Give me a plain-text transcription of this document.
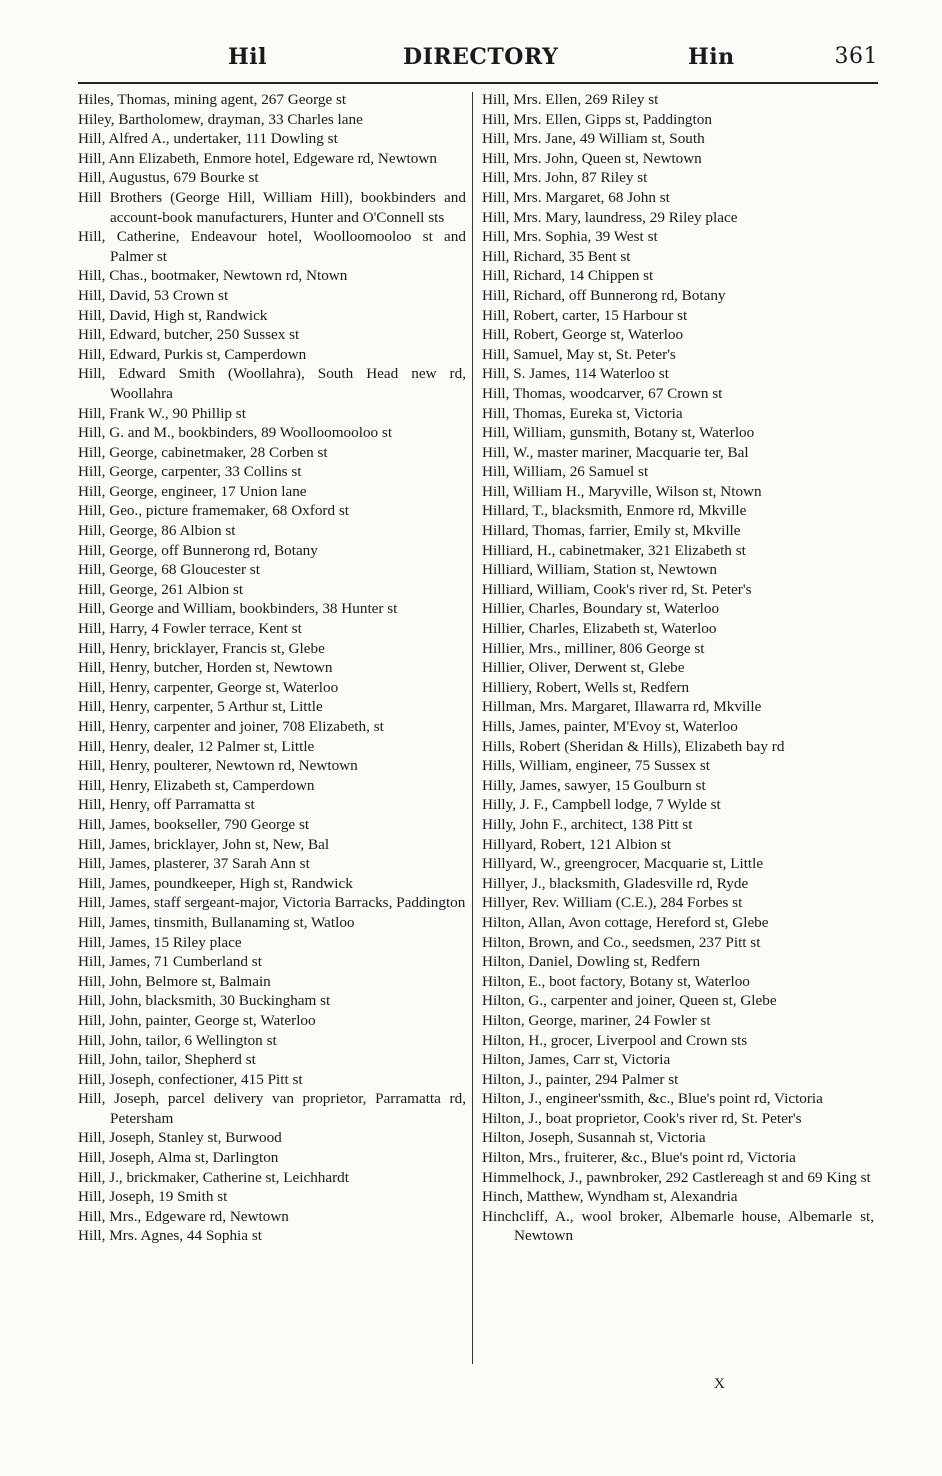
Hil	DIRECTORY	Hin	361
Hiles, Thomas, mining agent, 267 George st
Hiley, Bartholomew, drayman, 33 Charles lane
Hill, Alfred A., undertaker, 111 Dowling st
Hill, Ann Elizabeth, Enmore hotel, Edgeware rd, Newtown
Hill, Augustus, 679 Bourke st
Hill Brothers (George Hill, William Hill), bookbinders and account-book manufacturers, Hunter and O'Connell sts
Hill, Catherine, Endeavour hotel, Woolloomooloo st and Palmer st
Hill, Chas., bootmaker, Newtown rd, Ntown
Hill, David, 53 Crown st
Hill, David, High st, Randwick
Hill, Edward, butcher, 250 Sussex st
Hill, Edward, Purkis st, Camperdown
Hill, Edward Smith (Woollahra), South Head new rd, Woollahra
Hill, Frank W., 90 Phillip st
Hill, G. and M., bookbinders, 89 Woolloomooloo st
Hill, George, cabinetmaker, 28 Corben st
Hill, George, carpenter, 33 Collins st
Hill, George, engineer, 17 Union lane
Hill, Geo., picture framemaker, 68 Oxford st
Hill, George, 86 Albion st
Hill, George, off Bunnerong rd, Botany
Hill, George, 68 Gloucester st
Hill, George, 261 Albion st
Hill, George and William, bookbinders, 38 Hunter st
Hill, Harry, 4 Fowler terrace, Kent st
Hill, Henry, bricklayer, Francis st, Glebe
Hill, Henry, butcher, Horden st, Newtown
Hill, Henry, carpenter, George st, Waterloo
Hill, Henry, carpenter, 5 Arthur st, Little
Hill, Henry, carpenter and joiner, 708 Elizabeth, st
Hill, Henry, dealer, 12 Palmer st, Little
Hill, Henry, poulterer, Newtown rd, Newtown
Hill, Henry, Elizabeth st, Camperdown
Hill, Henry, off Parramatta st
Hill, James, bookseller, 790 George st
Hill, James, bricklayer, John st, New, Bal
Hill, James, plasterer, 37 Sarah Ann st
Hill, James, poundkeeper, High st, Randwick
Hill, James, staff sergeant-major, Victoria Barracks, Paddington
Hill, James, tinsmith, Bullanaming st, Watloo
Hill, James, 15 Riley place
Hill, James, 71 Cumberland st
Hill, John, Belmore st, Balmain
Hill, John, blacksmith, 30 Buckingham st
Hill, John, painter, George st, Waterloo
Hill, John, tailor, 6 Wellington st
Hill, John, tailor, Shepherd st
Hill, Joseph, confectioner, 415 Pitt st
Hill, Joseph, parcel delivery van proprietor, Parramatta rd, Petersham
Hill, Joseph, Stanley st, Burwood
Hill, Joseph, Alma st, Darlington
Hill, J., brickmaker, Catherine st, Leichhardt
Hill, Joseph, 19 Smith st
Hill, Mrs., Edgeware rd, Newtown
Hill, Mrs. Agnes, 44 Sophia st
Hill, Mrs. Ellen, 269 Riley st
Hill, Mrs. Ellen, Gipps st, Paddington
Hill, Mrs. Jane, 49 William st, South
Hill, Mrs. John, Queen st, Newtown
Hill, Mrs. John, 87 Riley st
Hill, Mrs. Margaret, 68 John st
Hill, Mrs. Mary, laundress, 29 Riley place
Hill, Mrs. Sophia, 39 West st
Hill, Richard, 35 Bent st
Hill, Richard, 14 Chippen st
Hill, Richard, off Bunnerong rd, Botany
Hill, Robert, carter, 15 Harbour st
Hill, Robert, George st, Waterloo
Hill, Samuel, May st, St. Peter's
Hill, S. James, 114 Waterloo st
Hill, Thomas, woodcarver, 67 Crown st
Hill, Thomas, Eureka st, Victoria
Hill, William, gunsmith, Botany st, Waterloo
Hill, W., master mariner, Macquarie ter, Bal
Hill, William, 26 Samuel st
Hill, William H., Maryville, Wilson st, Ntown
Hillard, T., blacksmith, Enmore rd, Mkville
Hillard, Thomas, farrier, Emily st, Mkville
Hilliard, H., cabinetmaker, 321 Elizabeth st
Hilliard, William, Station st, Newtown
Hilliard, William, Cook's river rd, St. Peter's
Hillier, Charles, Boundary st, Waterloo
Hillier, Charles, Elizabeth st, Waterloo
Hillier, Mrs., milliner, 806 George st
Hillier, Oliver, Derwent st, Glebe
Hilliery, Robert, Wells st, Redfern
Hillman, Mrs. Margaret, Illawarra rd, Mkville
Hills, James, painter, M'Evoy st, Waterloo
Hills, Robert (Sheridan & Hills), Elizabeth bay rd
Hills, William, engineer, 75 Sussex st
Hilly, James, sawyer, 15 Goulburn st
Hilly, J. F., Campbell lodge, 7 Wylde st
Hilly, John F., architect, 138 Pitt st
Hillyard, Robert, 121 Albion st
Hillyard, W., greengrocer, Macquarie st, Little
Hillyer, J., blacksmith, Gladesville rd, Ryde
Hillyer, Rev. William (C.E.), 284 Forbes st
Hilton, Allan, Avon cottage, Hereford st, Glebe
Hilton, Brown, and Co., seedsmen, 237 Pitt st
Hilton, Daniel, Dowling st, Redfern
Hilton, E., boot factory, Botany st, Waterloo
Hilton, G., carpenter and joiner, Queen st, Glebe
Hilton, George, mariner, 24 Fowler st
Hilton, H., grocer, Liverpool and Crown sts
Hilton, James, Carr st, Victoria
Hilton, J., painter, 294 Palmer st
Hilton, J., engineer'ssmith, &c., Blue's point rd, Victoria
Hilton, J., boat proprietor, Cook's river rd, St. Peter's
Hilton, Joseph, Susannah st, Victoria
Hilton, Mrs., fruiterer, &c., Blue's point rd, Victoria
Himmelhock, J., pawnbroker, 292 Castlereagh st and 69 King st
Hinch, Matthew, Wyndham st, Alexandria
Hinchcliff, A., wool broker, Albemarle house, Albemarle st, Newtown
X
